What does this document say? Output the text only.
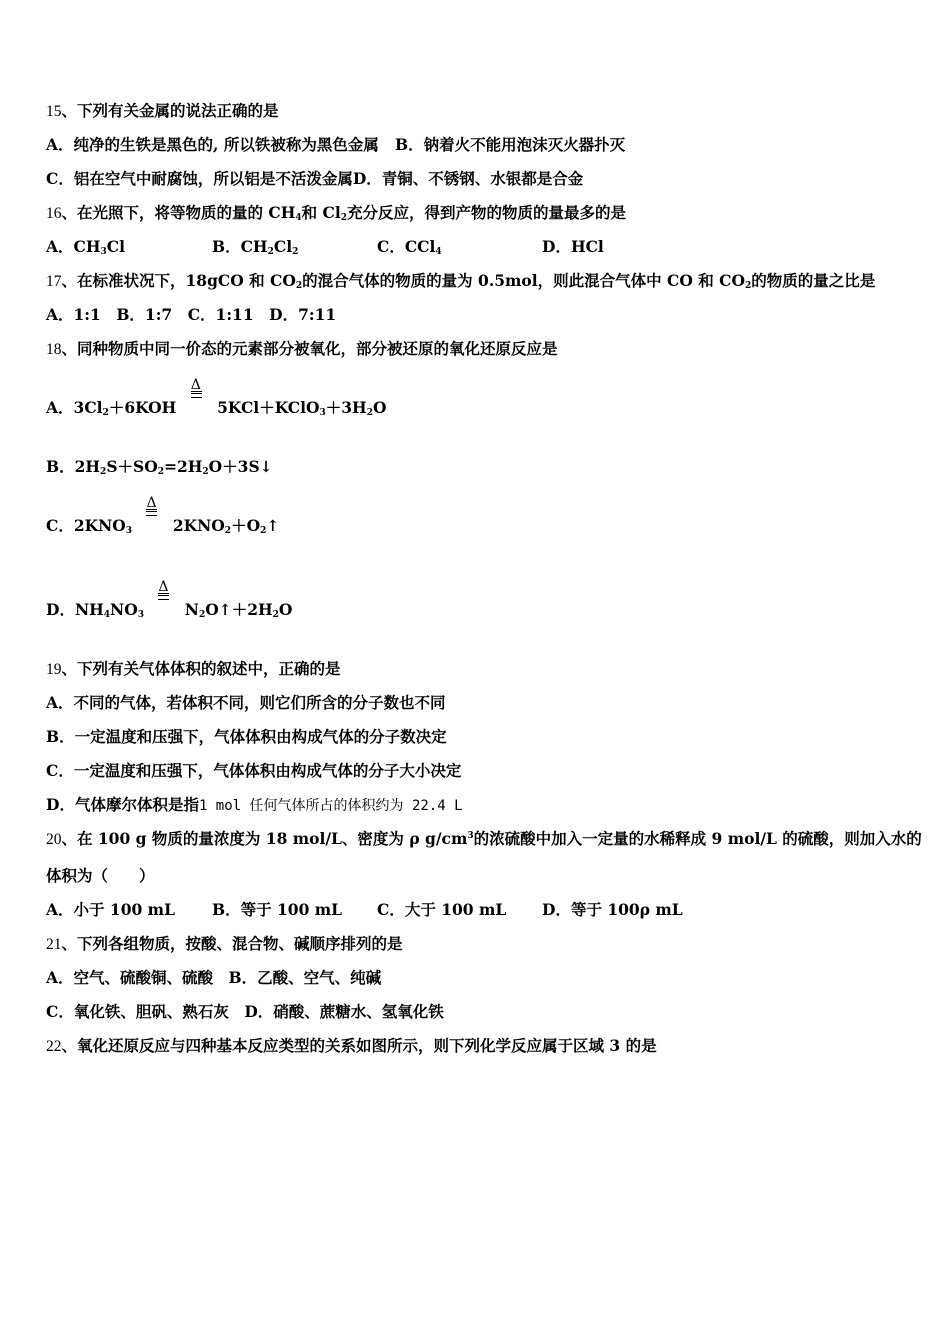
15、下列有关金属的说法正确的是
A．纯净的生铁是黑色的, 所以铁被称为黑色金属 B．钠着火不能用泡沫灭火器扑灭
C．铝在空气中耐腐蚀，所以铝是不活泼金属D．青铜、不锈钢、水银都是合金
16、在光照下，将等物质的量的 $CH_4$和 $Cl_2$充分反应，得到产物的物质的量最多的是
A．$CH_3Cl$	B．$CH_2Cl_2$	C．CCl$_4$	D．HCl
17、在标准状况下，18gCO 和 $CO_2$的混合气体的物质的量为 0.5mol，则此混合气体中 CO 和 $CO_2$的物质的量之比是
A．1:1　B．1:7　C．1:11　D．7:11
18、同种物质中同一价态的元素部分被氧化，部分被还原的氧化还原反应是
A．$3Cl_2+6KOH$
Δ
$5KCl+KClO_3+3H_2O$
B．$2H_2S+SO_2=2H_2O+3S↓$
C．$2KNO_3$
Δ
$2KNO_2+O_2↑$
D．$NH_4NO_3$
Δ
$N_2O↑+2H_2O$
19、下列有关气体体积的叙述中，正确的是
A．不同的气体，若体积不同，则它们所含的分子数也不同
B．一定温度和压强下，气体体积由构成气体的分子数决定
C．一定温度和压强下，气体体积由构成气体的分子大小决定
D．气体摩尔体积是指1 mol 任何气体所占的体积约为 22.4 L
20、在 100 g 物质的量浓度为 18 mol/L、密度为 ρ $g/cm^3$的浓硫酸中加入一定量的水稀释成 9 mol/L 的硫酸，则加入水的
体积为（　　）
A．小于 100 mL B．等于 100 mL C．大于 100 mL D．等于 100ρ mL
21、下列各组物质，按酸、混合物、碱顺序排列的是
A．空气、硫酸铜、硫酸　B．乙酸、空气、纯碱
C．氧化铁、胆矾、熟石灰　D．硝酸、蔗糖水、氢氧化铁
22、氧化还原反应与四种基本反应类型的关系如图所示，则下列化学反应属于区域 3 的是
